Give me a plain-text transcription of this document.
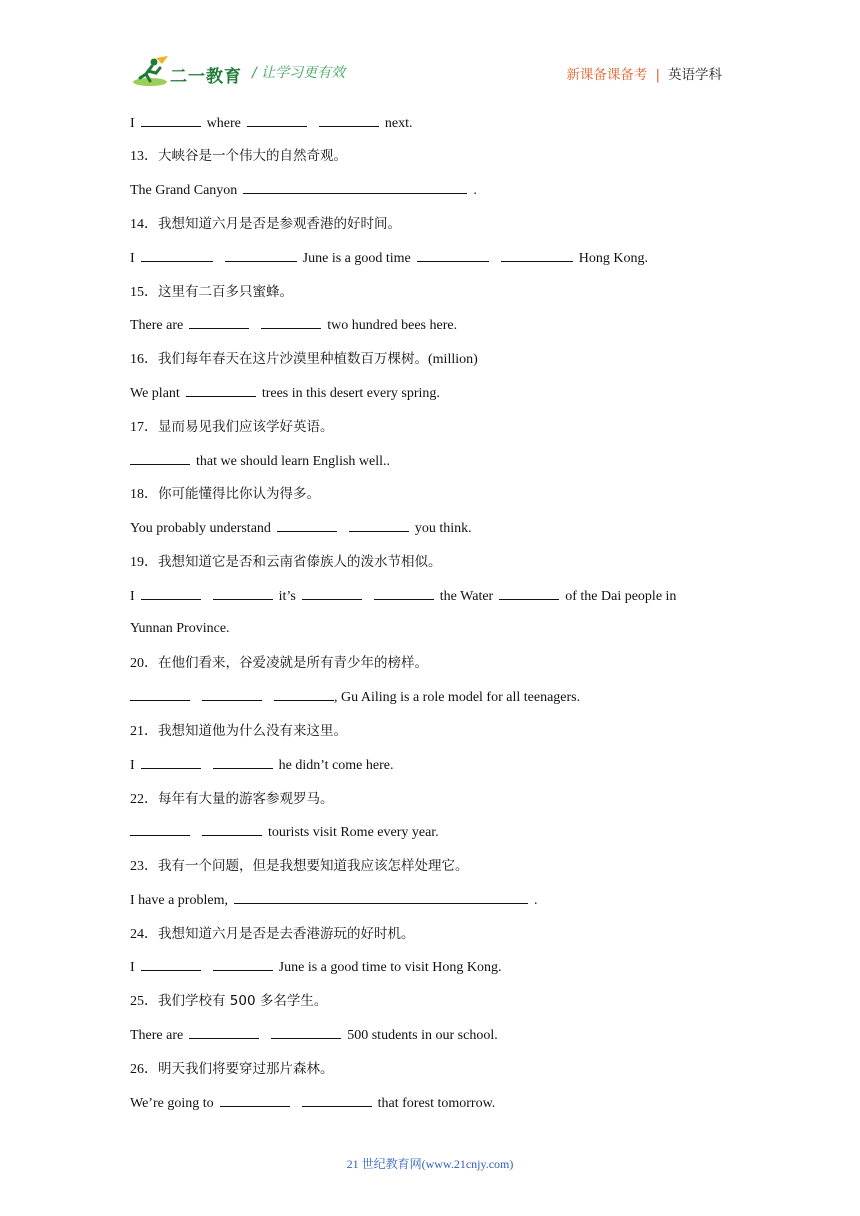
二一教育 / 让学习更有效	新课备课备考 | 英语学科
I	where	next.
13．大峡谷是一个伟大的自然奇观。
The Grand Canyon	.
14．我想知道六月是否是参观香港的好时间。
I	June is a good time	Hong Kong.
15．这里有二百多只蜜蜂。
There are	two hundred bees here.
16．我们每年春天在这片沙漠里种植数百万棵树。(million)
We plant	trees in this desert every spring.
17．显而易见我们应该学好英语。
that we should learn English well..
18．你可能懂得比你认为得多。
You probably understand	you think.
19．我想知道它是否和云南省傣族人的泼水节相似。
I	it’s	the Water	of the Dai people in
Yunnan Province.
20．在他们看来，谷爱凌就是所有青少年的榜样。
, Gu Ailing is a role model for all teenagers.
21．我想知道他为什么没有来这里。
I	he didn’t come here.
22．每年有大量的游客参观罗马。
tourists visit Rome every year.
23．我有一个问题，但是我想要知道我应该怎样处理它。
I have a problem,	.
24．我想知道六月是否是去香港游玩的好时机。
I	June is a good time to visit Hong Kong.
25．我们学校有 500 多名学生。
There are	500 students in our school.
26．明天我们将要穿过那片森林。
We’re going to	that forest tomorrow.
21 世纪教育网(www.21cnjy.com)
